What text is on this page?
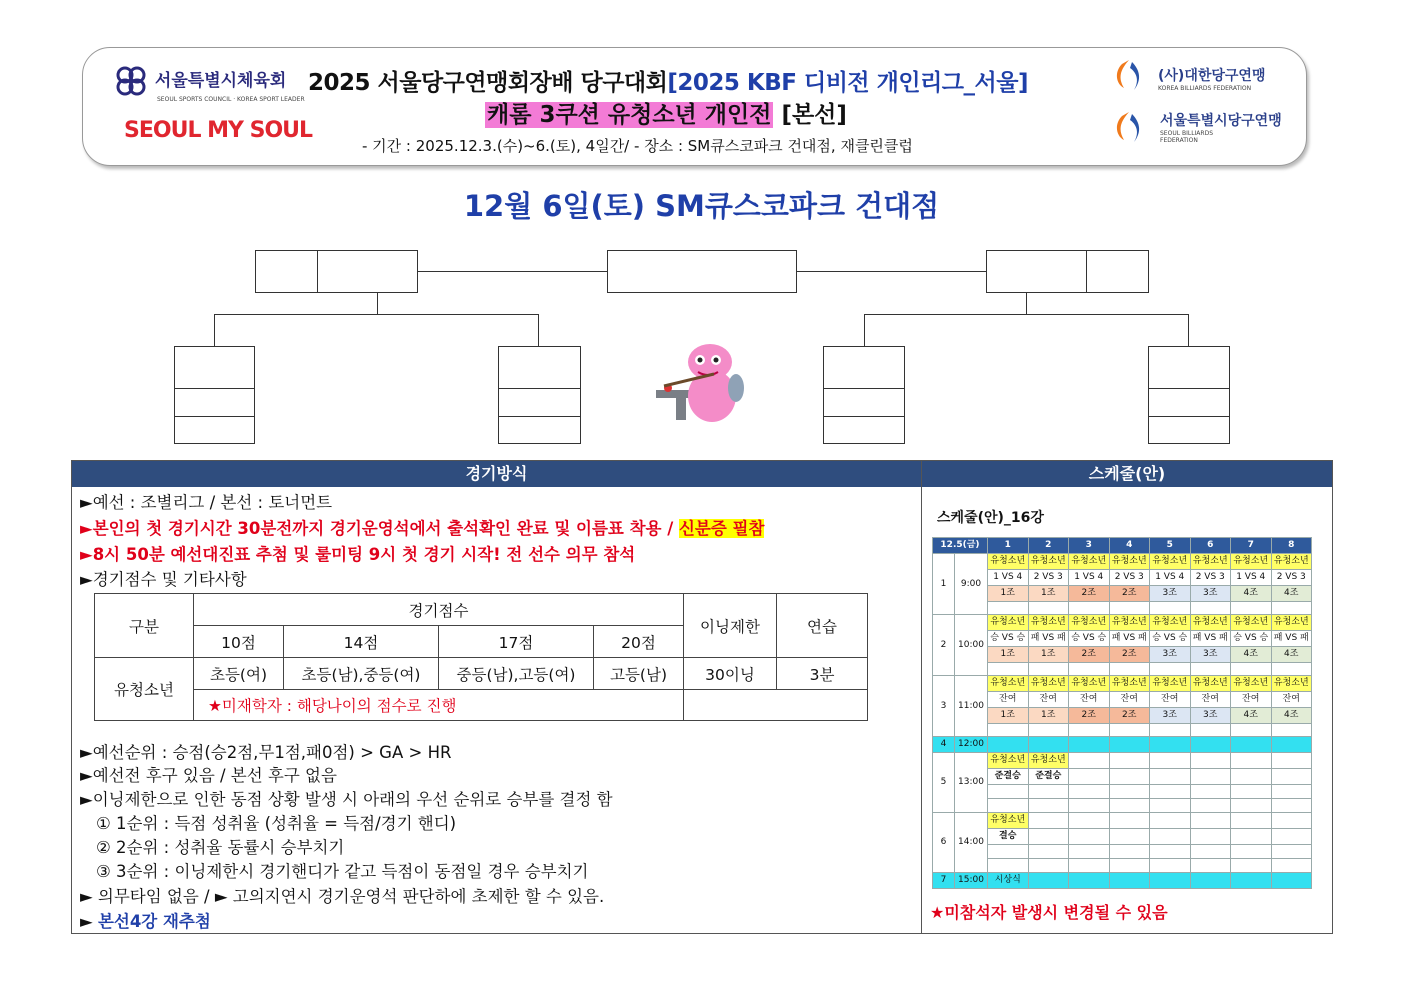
서울특별시체육회
SEOUL SPORTS COUNCIL · KOREA SPORT LEADER
SEOUL MY SOUL
2025 서울당구연맹회장배 당구대회[2025 KBF 디비전 개인리그_서울]
캐롬 3쿠션 유청소년 개인전 [본선]
- 기간 : 2025.12.3.(수)~6.(토), 4일간/ - 장소 : SM큐스코파크 건대점, 재클린클럽
(사)대한당구연맹
KOREA BILLIARDS FEDERATION
서울특별시당구연맹
SEOUL BILLIARDS FEDERATION
12월 6일(토) SM큐스코파크 건대점
경기방식
►예선 : 조별리그 / 본선 : 토너먼트
►본인의 첫 경기시간 30분전까지 경기운영석에서 출석확인 완료 및 이름표 착용 / 신분증 필참
►8시 50분 예선대진표 추첨 및 룰미팅 9시 첫 경기 시작! 전 선수 의무 참석
►경기점수 및 기타사항
구분	경기점수				이닝제한	연습
	10점	14점	17점	20점		
유청소년	초등(여)	초등(남),중등(여)	중등(남),고등(여)	고등(남)	30이닝	3분
	★미재학자 : 해당나이의 점수로 진행					
►예선순위 : 승점(승2점,무1점,패0점) > GA > HR
►예선전 후구 있음 / 본선 후구 없음
►이닝제한으로 인한 동점 상황 발생 시 아래의 우선 순위로 승부를 결정 함
① 1순위 : 득점 성취율 (성취율 = 득점/경기 핸디)
② 2순위 : 성취율 동률시 승부치기
③ 3순위 : 이닝제한시 경기핸디가 같고 득점이 동점일 경우 승부치기
► 의무타임 없음 / ► 고의지연시 경기운영석 판단하에 초제한 할 수 있음.
► 본선4강 재추첨
스케줄(안)
스케줄(안)_16강
12.5(금)		1	2	3	4	5	6	7	8
1	9:00	유청소년	유청소년	유청소년	유청소년	유청소년	유청소년	유청소년	유청소년
		1 VS 4	2 VS 3	1 VS 4	2 VS 3	1 VS 4	2 VS 3	1 VS 4	2 VS 3
		1조	1조	2조	2조	3조	3조	4조	4조

2	10:00	유청소년	유청소년	유청소년	유청소년	유청소년	유청소년	유청소년	유청소년
		승 VS 승	패 VS 패	승 VS 승	패 VS 패	승 VS 승	패 VS 패	승 VS 승	패 VS 패
		1조	1조	2조	2조	3조	3조	4조	4조

3	11:00	유청소년	유청소년	유청소년	유청소년	유청소년	유청소년	유청소년	유청소년
		잔여	잔여	잔여	잔여	잔여	잔여	잔여	잔여
		1조	1조	2조	2조	3조	3조	4조	4조

4	12:00								
5	13:00	유청소년	유청소년						
		준결승	준결승						

6	14:00	유청소년							
		결승							

7	15:00	시상식							
★미참석자 발생시 변경될 수 있음
